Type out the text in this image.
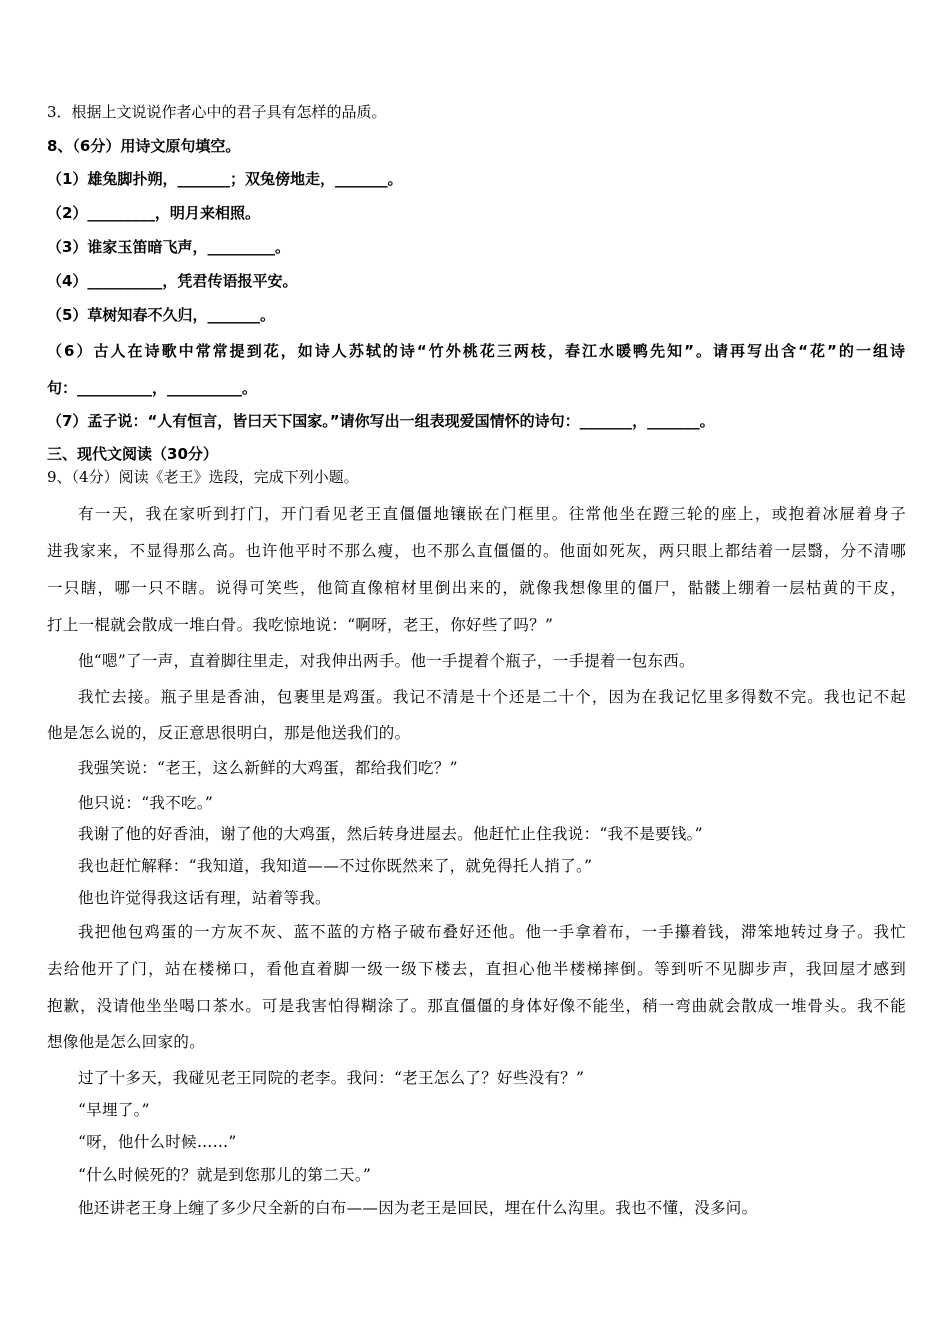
3．根据上文说说作者心中的君子具有怎样的品质。
8、（6分）用诗文原句填空。
（1）雄兔脚扑朔，_______；双兔傍地走，_______。
（2）_________，明月来相照。
（3）谁家玉笛暗飞声，_________。
（4）__________，凭君传语报平安。
（5）草树知春不久归，_______。
（6）古人在诗歌中常常提到花，如诗人苏轼的诗“竹外桃花三两枝，春江水暖鸭先知”。请再写出含“花”的一组诗
句：__________，__________。
（7）孟子说：“人有恒言，皆曰天下国家。”请你写出一组表现爱国情怀的诗句：_______，_______。
三、现代文阅读（30分）
9、（4分）阅读《老王》选段，完成下列小题。
有一天，我在家听到打门，开门看见老王直僵僵地镶嵌在门框里。往常他坐在蹬三轮的座上，或抱着冰屉着身子
进我家来，不显得那么高。也许他平时不那么瘦，也不那么直僵僵的。他面如死灰，两只眼上都结着一层翳，分不清哪
一只瞎，哪一只不瞎。说得可笑些，他简直像棺材里倒出来的，就像我想像里的僵尸，骷髅上绷着一层枯黄的干皮，
打上一棍就会散成一堆白骨。我吃惊地说：“啊呀，老王，你好些了吗？”
他“嗯”了一声，直着脚往里走，对我伸出两手。他一手提着个瓶子，一手提着一包东西。
我忙去接。瓶子里是香油，包裹里是鸡蛋。我记不清是十个还是二十个，因为在我记忆里多得数不完。我也记不起
他是怎么说的，反正意思很明白，那是他送我们的。
我强笑说：“老王，这么新鲜的大鸡蛋，都给我们吃？”
他只说：“我不吃。”
我谢了他的好香油，谢了他的大鸡蛋，然后转身进屋去。他赶忙止住我说：“我不是要钱。”
我也赶忙解释：“我知道，我知道——不过你既然来了，就免得托人捎了。”
他也许觉得我这话有理，站着等我。
我把他包鸡蛋的一方灰不灰、蓝不蓝的方格子破布叠好还他。他一手拿着布，一手攥着钱，滞笨地转过身子。我忙
去给他开了门，站在楼梯口，看他直着脚一级一级下楼去，直担心他半楼梯摔倒。等到听不见脚步声，我回屋才感到
抱歉，没请他坐坐喝口茶水。可是我害怕得糊涂了。那直僵僵的身体好像不能坐，稍一弯曲就会散成一堆骨头。我不能
想像他是怎么回家的。
过了十多天，我碰见老王同院的老李。我问：“老王怎么了？好些没有？”
“早埋了。”
“呀，他什么时候……”
“什么时候死的？就是到您那儿的第二天。”
他还讲老王身上缠了多少尺全新的白布——因为老王是回民，埋在什么沟里。我也不懂，没多问。
